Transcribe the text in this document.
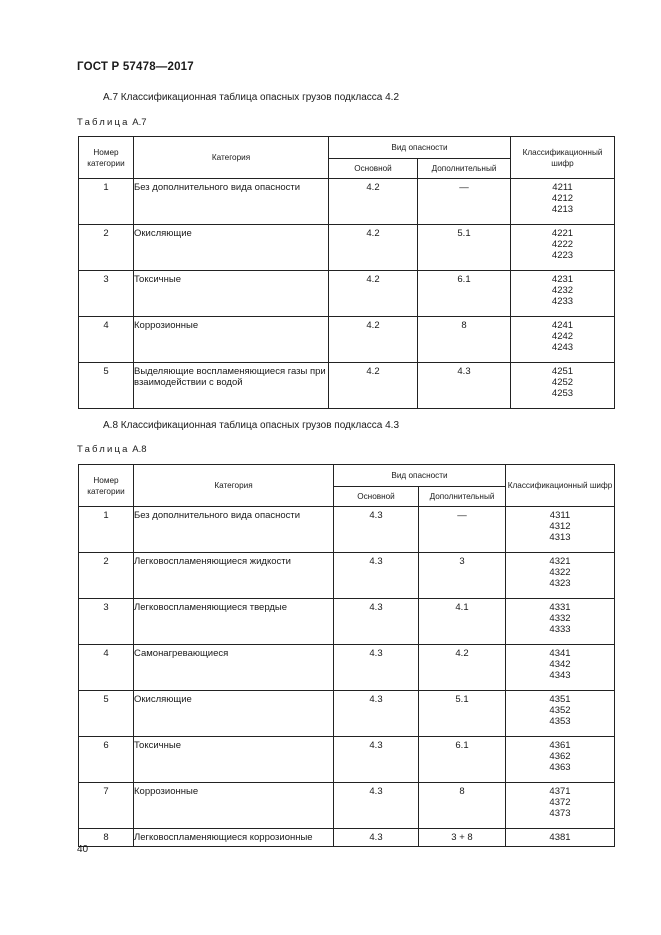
ГОСТ Р 57478—2017
А.7 Классификационная таблица опасных грузов подкласса 4.2
Таблица А.7
Номер категории	Категория	Вид опасности		Классификационный шифр
		Основной	Дополнительный	
1	Без дополнительного вида опасности	4.2	—	4211
4212
4213

2	Окисляющие	4.2	5.1	4221
4222
4223

3	Токсичные	4.2	6.1	4231
4232
4233

4	Коррозионные	4.2	8	4241
4242
4243

5	Выделяющие воспламеняющиеся газы при взаимодействии с водой	4.2	4.3	4251
4252
4253
А.8 Классификационная таблица опасных грузов подкласса 4.3
Таблица А.8
Номер категории	Категория	Вид опасности		Классификационный шифр
		Основной	Дополнительный	
1	Без дополнительного вида опасности	4.3	—	4311
4312
4313

2	Легковоспламеняющиеся жидкости	4.3	3	4321
4322
4323

3	Легковоспламеняющиеся твердые	4.3	4.1	4331
4332
4333

4	Самонагревающиеся	4.3	4.2	4341
4342
4343

5	Окисляющие	4.3	5.1	4351
4352
4353

6	Токсичные	4.3	6.1	4361
4362
4363

7	Коррозионные	4.3	8	4371
4372
4373

8	Легковоспламеняющиеся коррозионные	4.3	3 + 8	4381
40
